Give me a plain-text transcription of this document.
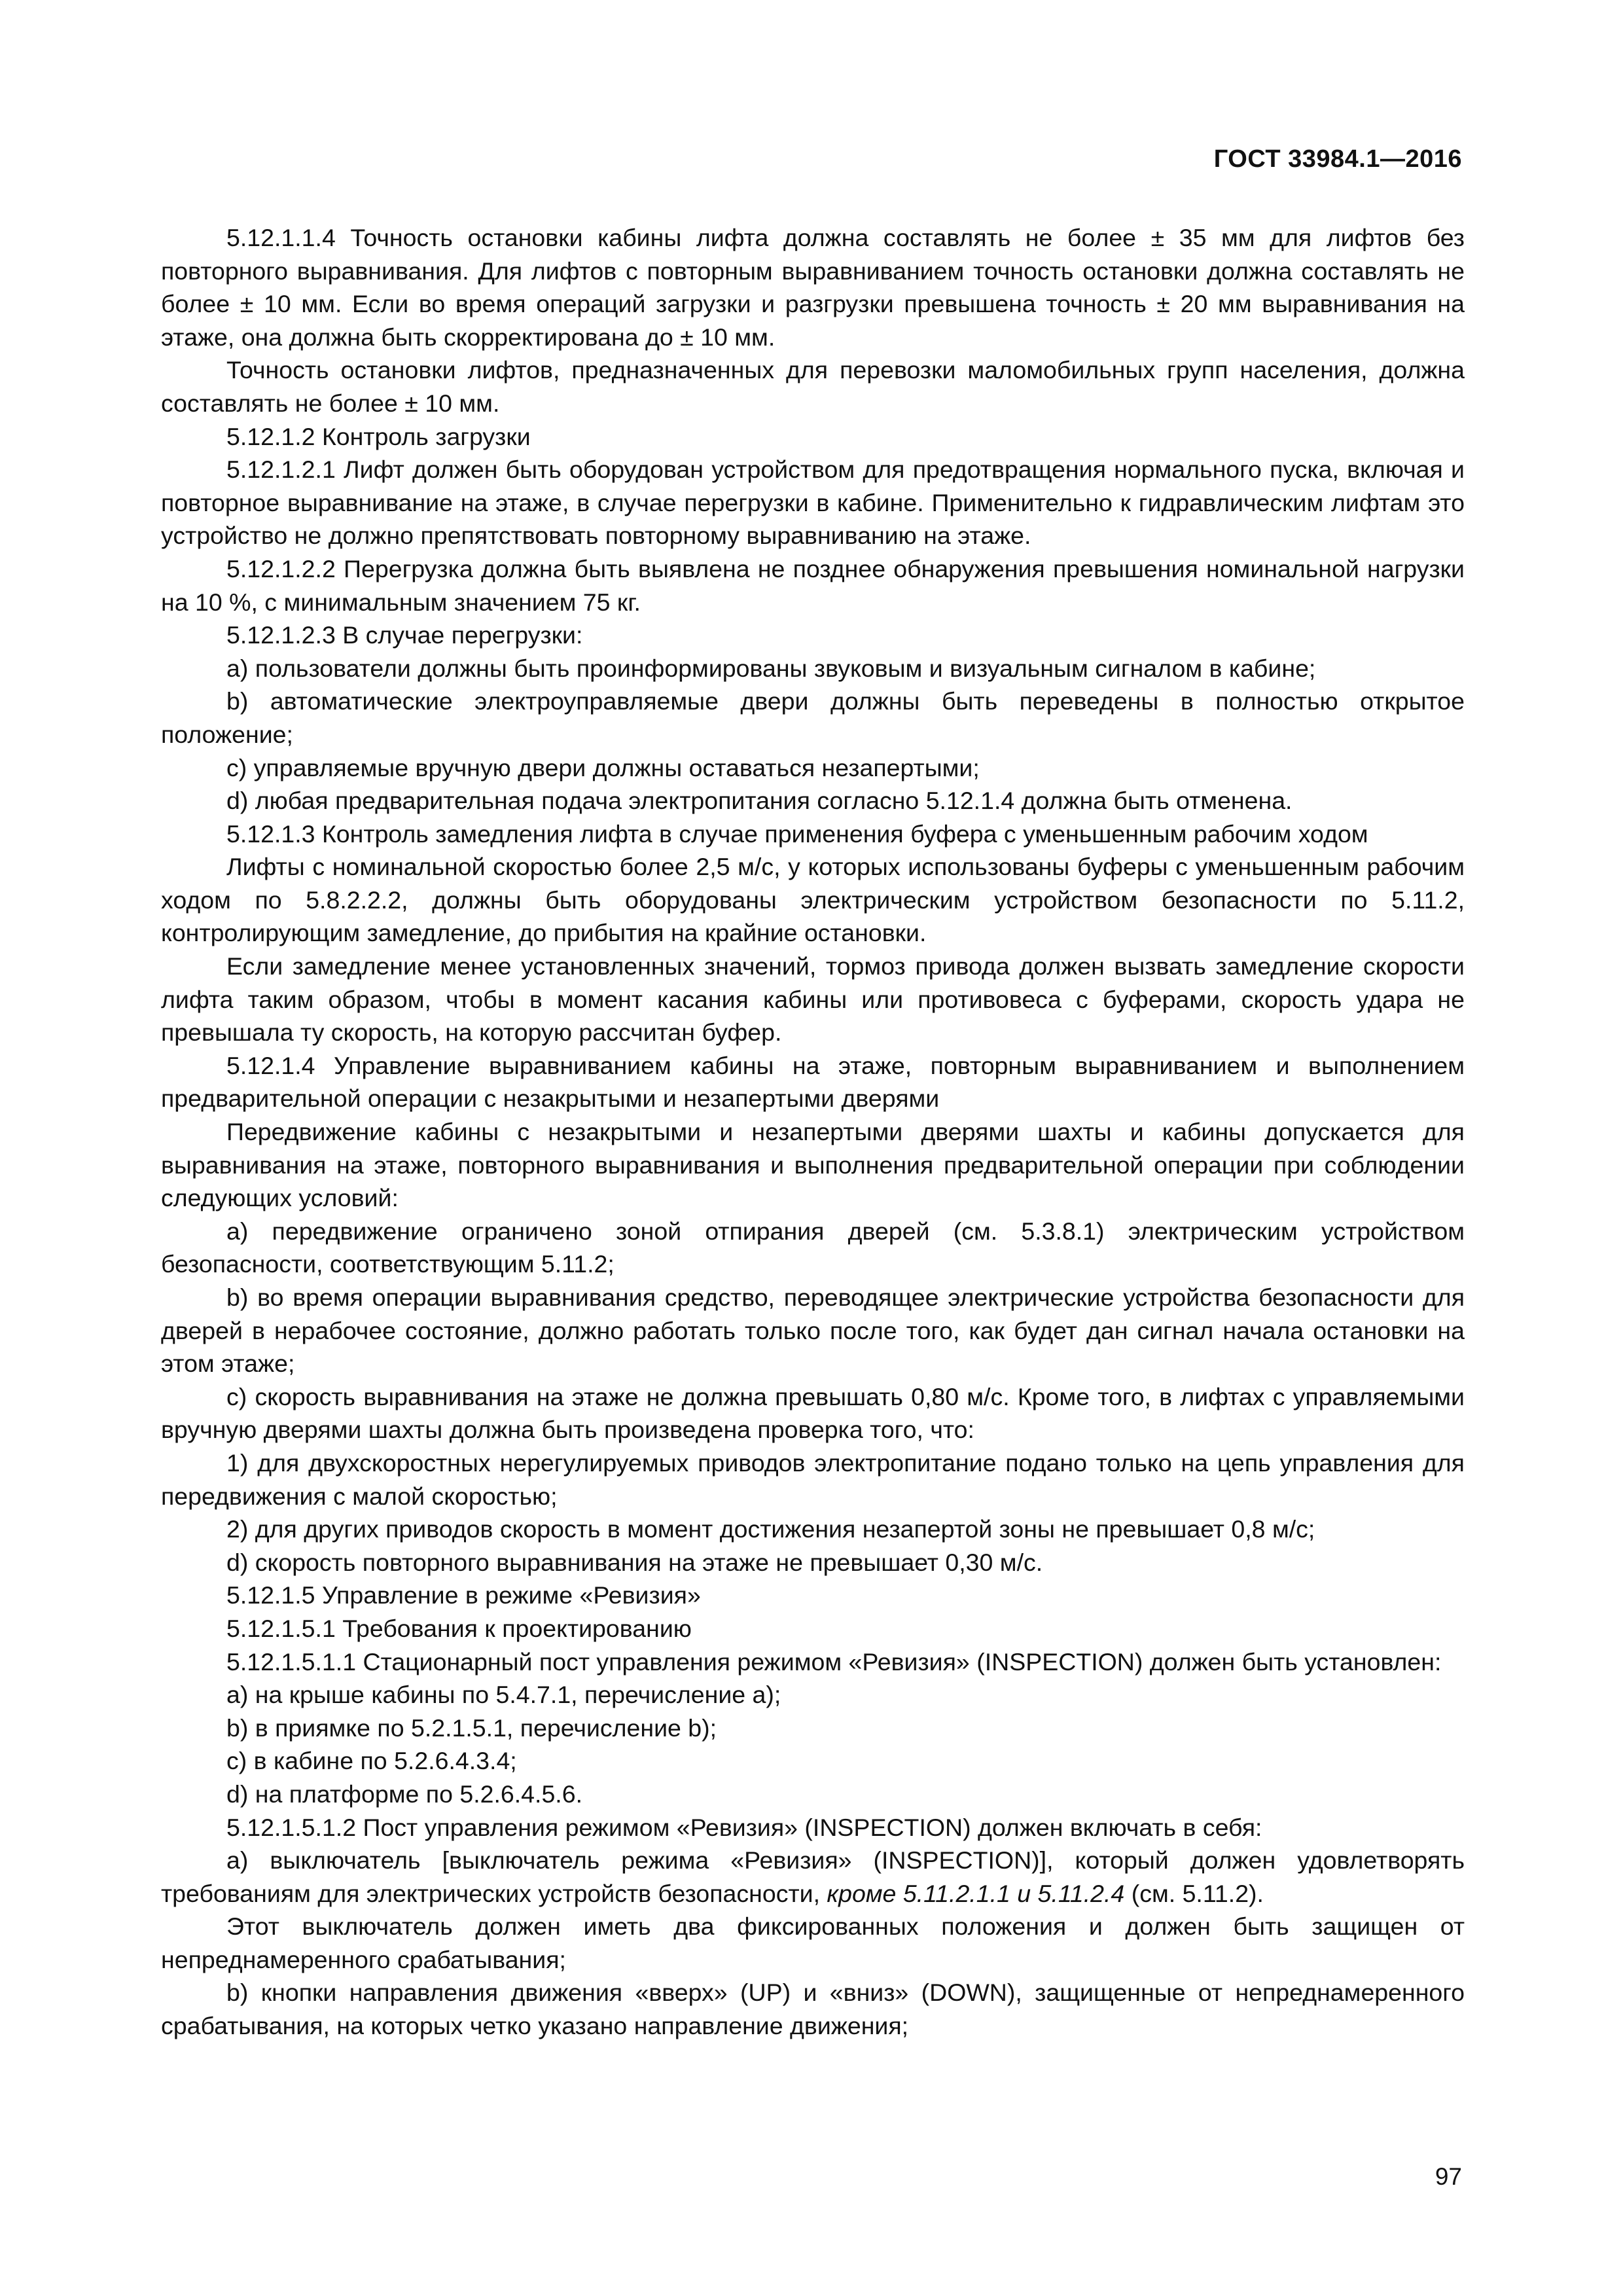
ГОСТ 33984.1—2016

5.12.1.1.4 Точность остановки кабины лифта должна составлять не более ± 35 мм для лифтов без повторного выравнивания. Для лифтов с повторным выравниванием точность остановки должна составлять не более ± 10 мм. Если во время операций загрузки и разгрузки превышена точность ± 20 мм выравнивания на этаже, она должна быть скорректирована до ± 10 мм.

Точность остановки лифтов, предназначенных для перевозки маломобильных групп населения, должна составлять не более ± 10 мм.

5.12.1.2 Контроль загрузки

5.12.1.2.1 Лифт должен быть оборудован устройством для предотвращения нормального пуска, включая и повторное выравнивание на этаже, в случае перегрузки в кабине. Применительно к гидравлическим лифтам это устройство не должно препятствовать повторному выравниванию на этаже.

5.12.1.2.2 Перегрузка должна быть выявлена не позднее обнаружения превышения номинальной нагрузки на 10 %, с минимальным значением 75 кг.

5.12.1.2.3 В случае перегрузки:

a) пользователи должны быть проинформированы звуковым и визуальным сигналом в кабине;

b) автоматические электроуправляемые двери должны быть переведены в полностью открытое положение;

c) управляемые вручную двери должны оставаться незапертыми;

d) любая предварительная подача электропитания согласно 5.12.1.4 должна быть отменена.

5.12.1.3 Контроль замедления лифта в случае применения буфера с уменьшенным рабочим ходом

Лифты с номинальной скоростью более 2,5 м/с, у которых использованы буферы с уменьшенным рабочим ходом по 5.8.2.2.2, должны быть оборудованы электрическим устройством безопасности по 5.11.2, контролирующим замедление, до прибытия на крайние остановки.

Если замедление менее установленных значений, тормоз привода должен вызвать замедление скорости лифта таким образом, чтобы в момент касания кабины или противовеса с буферами, скорость удара не превышала ту скорость, на которую рассчитан буфер.

5.12.1.4 Управление выравниванием кабины на этаже, повторным выравниванием и выполнением предварительной операции с незакрытыми и незапертыми дверями

Передвижение кабины с незакрытыми и незапертыми дверями шахты и кабины допускается для выравнивания на этаже, повторного выравнивания и выполнения предварительной операции при соблюдении следующих условий:

a) передвижение ограничено зоной отпирания дверей (см. 5.3.8.1) электрическим устройством безопасности, соответствующим 5.11.2;

b) во время операции выравнивания средство, переводящее электрические устройства безопасности для дверей в нерабочее состояние, должно работать только после того, как будет дан сигнал начала остановки на этом этаже;

c) скорость выравнивания на этаже не должна превышать 0,80 м/с. Кроме того, в лифтах с управляемыми вручную дверями шахты должна быть произведена проверка того, что:

1) для двухскоростных нерегулируемых приводов электропитание подано только на цепь управления для передвижения с малой скоростью;

2) для других приводов скорость в момент достижения незапертой зоны не превышает 0,8 м/с;

d) скорость повторного выравнивания на этаже не превышает 0,30 м/с.

5.12.1.5 Управление в режиме «Ревизия»

5.12.1.5.1 Требования к проектированию

5.12.1.5.1.1 Стационарный пост управления режимом «Ревизия» (INSPECTION) должен быть установлен:

a) на крыше кабины по 5.4.7.1, перечисление a);

b) в приямке по 5.2.1.5.1, перечисление b);

c) в кабине по 5.2.6.4.3.4;

d) на платформе по 5.2.6.4.5.6.

5.12.1.5.1.2 Пост управления режимом «Ревизия» (INSPECTION) должен включать в себя:

a) выключатель [выключатель режима «Ревизия» (INSPECTION)], который должен удовлетворять требованиям для электрических устройств безопасности, кроме 5.11.2.1.1 и 5.11.2.4 (см. 5.11.2).

Этот выключатель должен иметь два фиксированных положения и должен быть защищен от непреднамеренного срабатывания;

b) кнопки направления движения «вверх» (UP) и «вниз» (DOWN), защищенные от непреднамеренного срабатывания, на которых четко указано направление движения;

97
